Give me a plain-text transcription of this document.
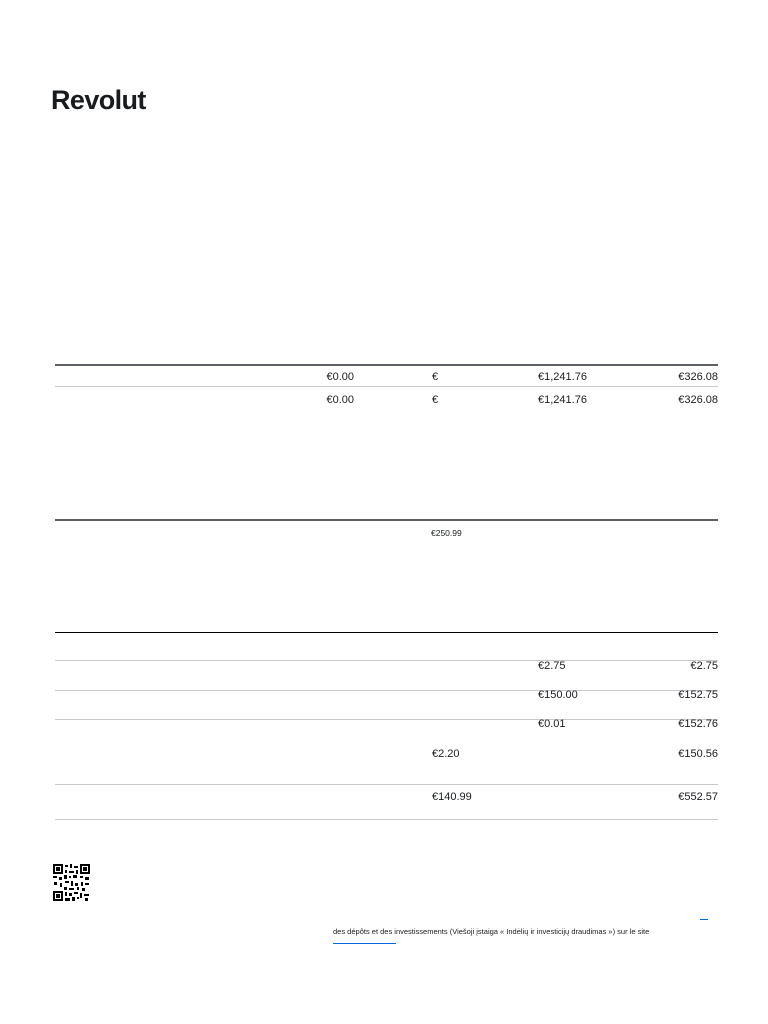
Revolut
€0.00	€	€1,241.76	€326.08
€0.00	€	€1,241.76	€326.08
€250.99
€2.75	€2.75
€150.00	€152.75
€0.01	€152.76
€2.20	€150.56
€140.99	€552.57
des dépôts et des investissements (Viešoji įstaiga « Indėlių ir investicijų draudimas ») sur le site
